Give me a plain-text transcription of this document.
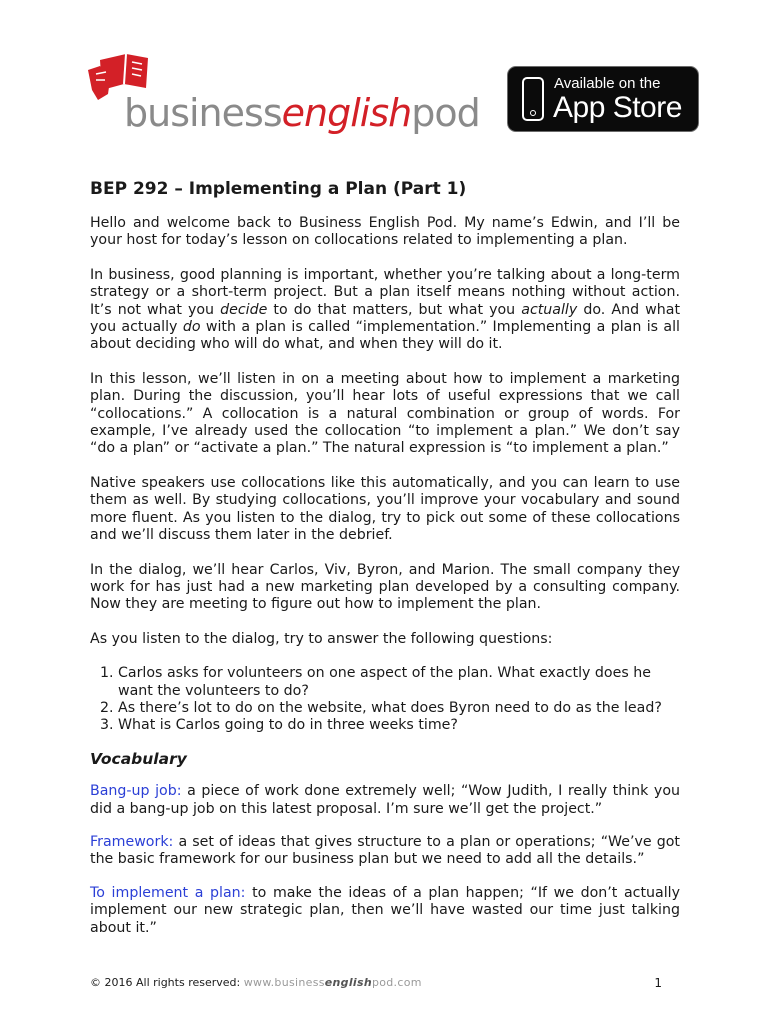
businessenglishpod
Available on the
App Store
BEP 292 – Implementing a Plan (Part 1)

Hello and welcome back to Business English Pod. My name’s Edwin, and I’ll be your host for today’s lesson on collocations related to implementing a plan.

In business, good planning is important, whether you’re talking about a long-term strategy or a short-term project. But a plan itself means nothing without action. It’s not what you decide to do that matters, but what you actually do. And what you actually do with a plan is called “implementation.” Implementing a plan is all about deciding who will do what, and when they will do it.

In this lesson, we’ll listen in on a meeting about how to implement a marketing plan. During the discussion, you’ll hear lots of useful expressions that we call “collocations.” A collocation is a natural combination or group of words. For example, I’ve already used the collocation “to implement a plan.” We don’t say “do a plan” or “activate a plan.” The natural expression is “to implement a plan.”

Native speakers use collocations like this automatically, and you can learn to use them as well. By studying collocations, you’ll improve your vocabulary and sound more fluent. As you listen to the dialog, try to pick out some of these collocations and we’ll discuss them later in the debrief.

In the dialog, we’ll hear Carlos, Viv, Byron, and Marion. The small company they work for has just had a new marketing plan developed by a consulting company. Now they are meeting to figure out how to implement the plan.

As you listen to the dialog, try to answer the following questions:

1. Carlos asks for volunteers on one aspect of the plan. What exactly does he want the volunteers to do?
2. As there’s lot to do on the website, what does Byron need to do as the lead?
3. What is Carlos going to do in three weeks time?
Vocabulary

Bang-up job: a piece of work done extremely well; “Wow Judith, I really think you did a bang-up job on this latest proposal. I’m sure we’ll get the project.”

Framework: a set of ideas that gives structure to a plan or operations; “We’ve got the basic framework for our business plan but we need to add all the details.”

To implement a plan: to make the ideas of a plan happen; “If we don’t actually implement our new strategic plan, then we’ll have wasted our time just talking about it.”

© 2016 All rights reserved: www.businessenglishpod.com	1
